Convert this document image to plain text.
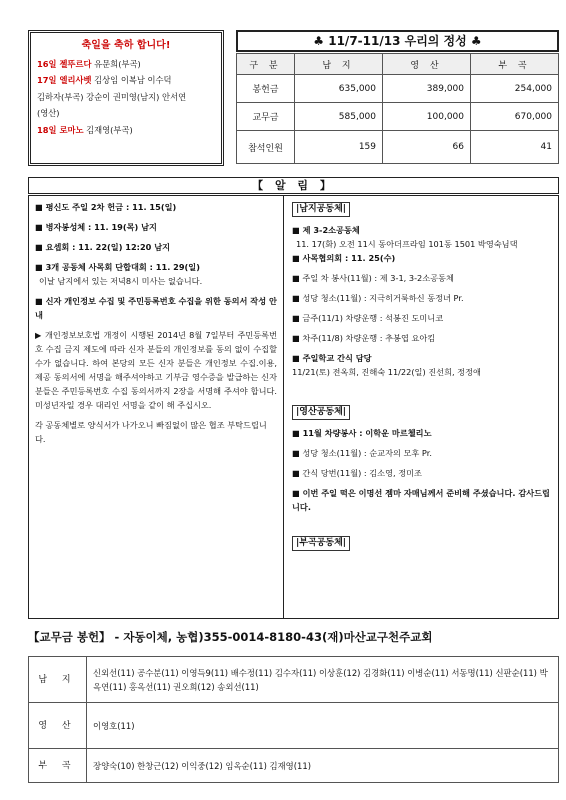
축일을 축하 합니다!
16일 젤뚜르다 유문희(부곡)
17일 엘리사벳 김상임 이복남 이수덕
김하자(부곡) 강순이 권미영(남지) 안서연
(영산)
18일 로마노 김재영(부곡)
♣ 11/7-11/13 우리의 정성 ♣
구 분	남 지	영 산	부 곡
봉헌금	635,000	389,000	254,000
교무금	585,000	100,000	670,000
참석인원	159	66	41
【 알 림 】
■ 평신도 주일 2차 헌금 : 11. 15(일)
■ 병자봉성체 : 11. 19(목) 남지
■ 요셉회 : 11. 22(일) 12:20 남지
■ 3개 공동체 사목회 단합대회 : 11. 29(일)
이날 남지에서 있는 저녁8시 미사는 없습니다.
■ 신자 개인정보 수집 및 주민등록번호 수집을 위한 동의서 작성 안내
▶ 개인정보보호법 개정이 시행된 2014년 8월 7일부터 주민등록번호 수집 금지 제도에 따라 신자 분들의 개인정보를 동의 없이 수집할 수가 없습니다. 하여 본당의 모든 신자 분들은 개인정보 수집.이용,제공 동의서에 서명을 해주셔야하고 기부금 영수증을 발급하는 신자 분들은 주민등록번호 수집 동의서까지 2장을 서명해 주셔야 합니다. 미성년자일 경우 대리인 서명을 같이 해 주십시오.
각 공동체별로 양식서가 나가오니 빠짐없이 많은 협조 부탁드립니다.
|남지공동체|
■ 제 3-2소공동체
11. 17(화) 오전 11시 동아더프라임 101동 1501 박영숙님댁
■ 사목협의회 : 11. 25(수)
■ 주일 차 봉사(11월) : 제 3-1, 3-2소공동체
■ 성당 청소(11월) : 지극히거룩하신 동정녀 Pr.
■ 금주(11/1) 차량운행 : 석봉진 도미니코
■ 차주(11/8) 차량운행 : 추봉엽 요아킴
■ 주일학교 간식 담당
11/21(토) 전옥희, 진해숙 11/22(일) 진선희, 정정애
|영산공동체|
■ 11월 차량봉사 : 이학운 마르첼리노
■ 성당 청소(11월) : 순교자의 모후 Pr.
■ 간식 당번(11월) : 김소영, 정미조
■ 이번 주일 떡은 이명선 젬마 자매님께서 준비해 주셨습니다. 감사드립니다.
|부곡공동체|
【교무금 봉헌】 - 자동이체, 농협)355-0014-8180-43(재)마산교구천주교회
남 지	신외선(11) 공수분(11) 이영득9(11) 배수정(11) 김수자(11) 이상훈(12) 김경화(11) 이병순(11) 서동명(11) 신판순(11) 박옥연(11) 홍옥선(11) 권오희(12) 송외선(11)
영 산	이영호(11)
부 곡	장양숙(10) 한창근(12) 이익중(12) 임옥순(11) 김재영(11)
